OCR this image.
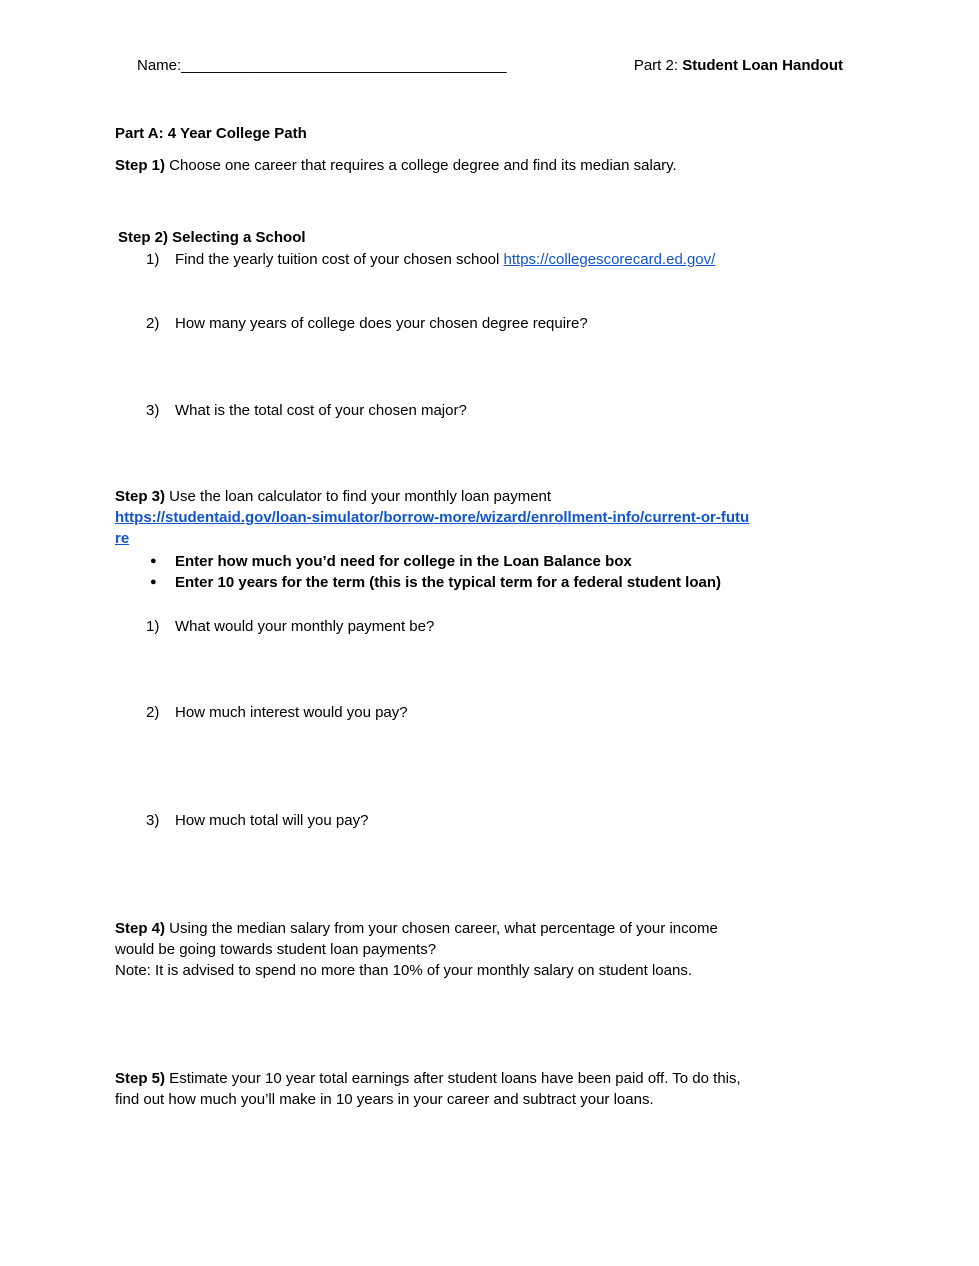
Name:_______________________________________	Part 2: Student Loan Handout
Part A: 4 Year College Path

Step 1) Choose one career that requires a college degree and find its median salary.

Step 2) Selecting a School
1)	Find the yearly tuition cost of your chosen school https://collegescorecard.ed.gov/
2)	How many years of college does your chosen degree require?
3)	What is the total cost of your chosen major?

Step 3) Use the loan calculator to find your monthly loan payment
https://studentaid.gov/loan-simulator/borrow-more/wizard/enrollment-info/current-or-futu
re

●	Enter how much you’d need for college in the Loan Balance box
●	Enter 10 years for the term (this is the typical term for a federal student loan)
1)	What would your monthly payment be?
2)	How much interest would you pay?
3)	How much total will you pay?

Step 4) Using the median salary from your chosen career, what percentage of your income
would be going towards student loan payments?
Note: It is advised to spend no more than 10% of your monthly salary on student loans.

Step 5) Estimate your 10 year total earnings after student loans have been paid off. To do this,
find out how much you’ll make in 10 years in your career and subtract your loans.
